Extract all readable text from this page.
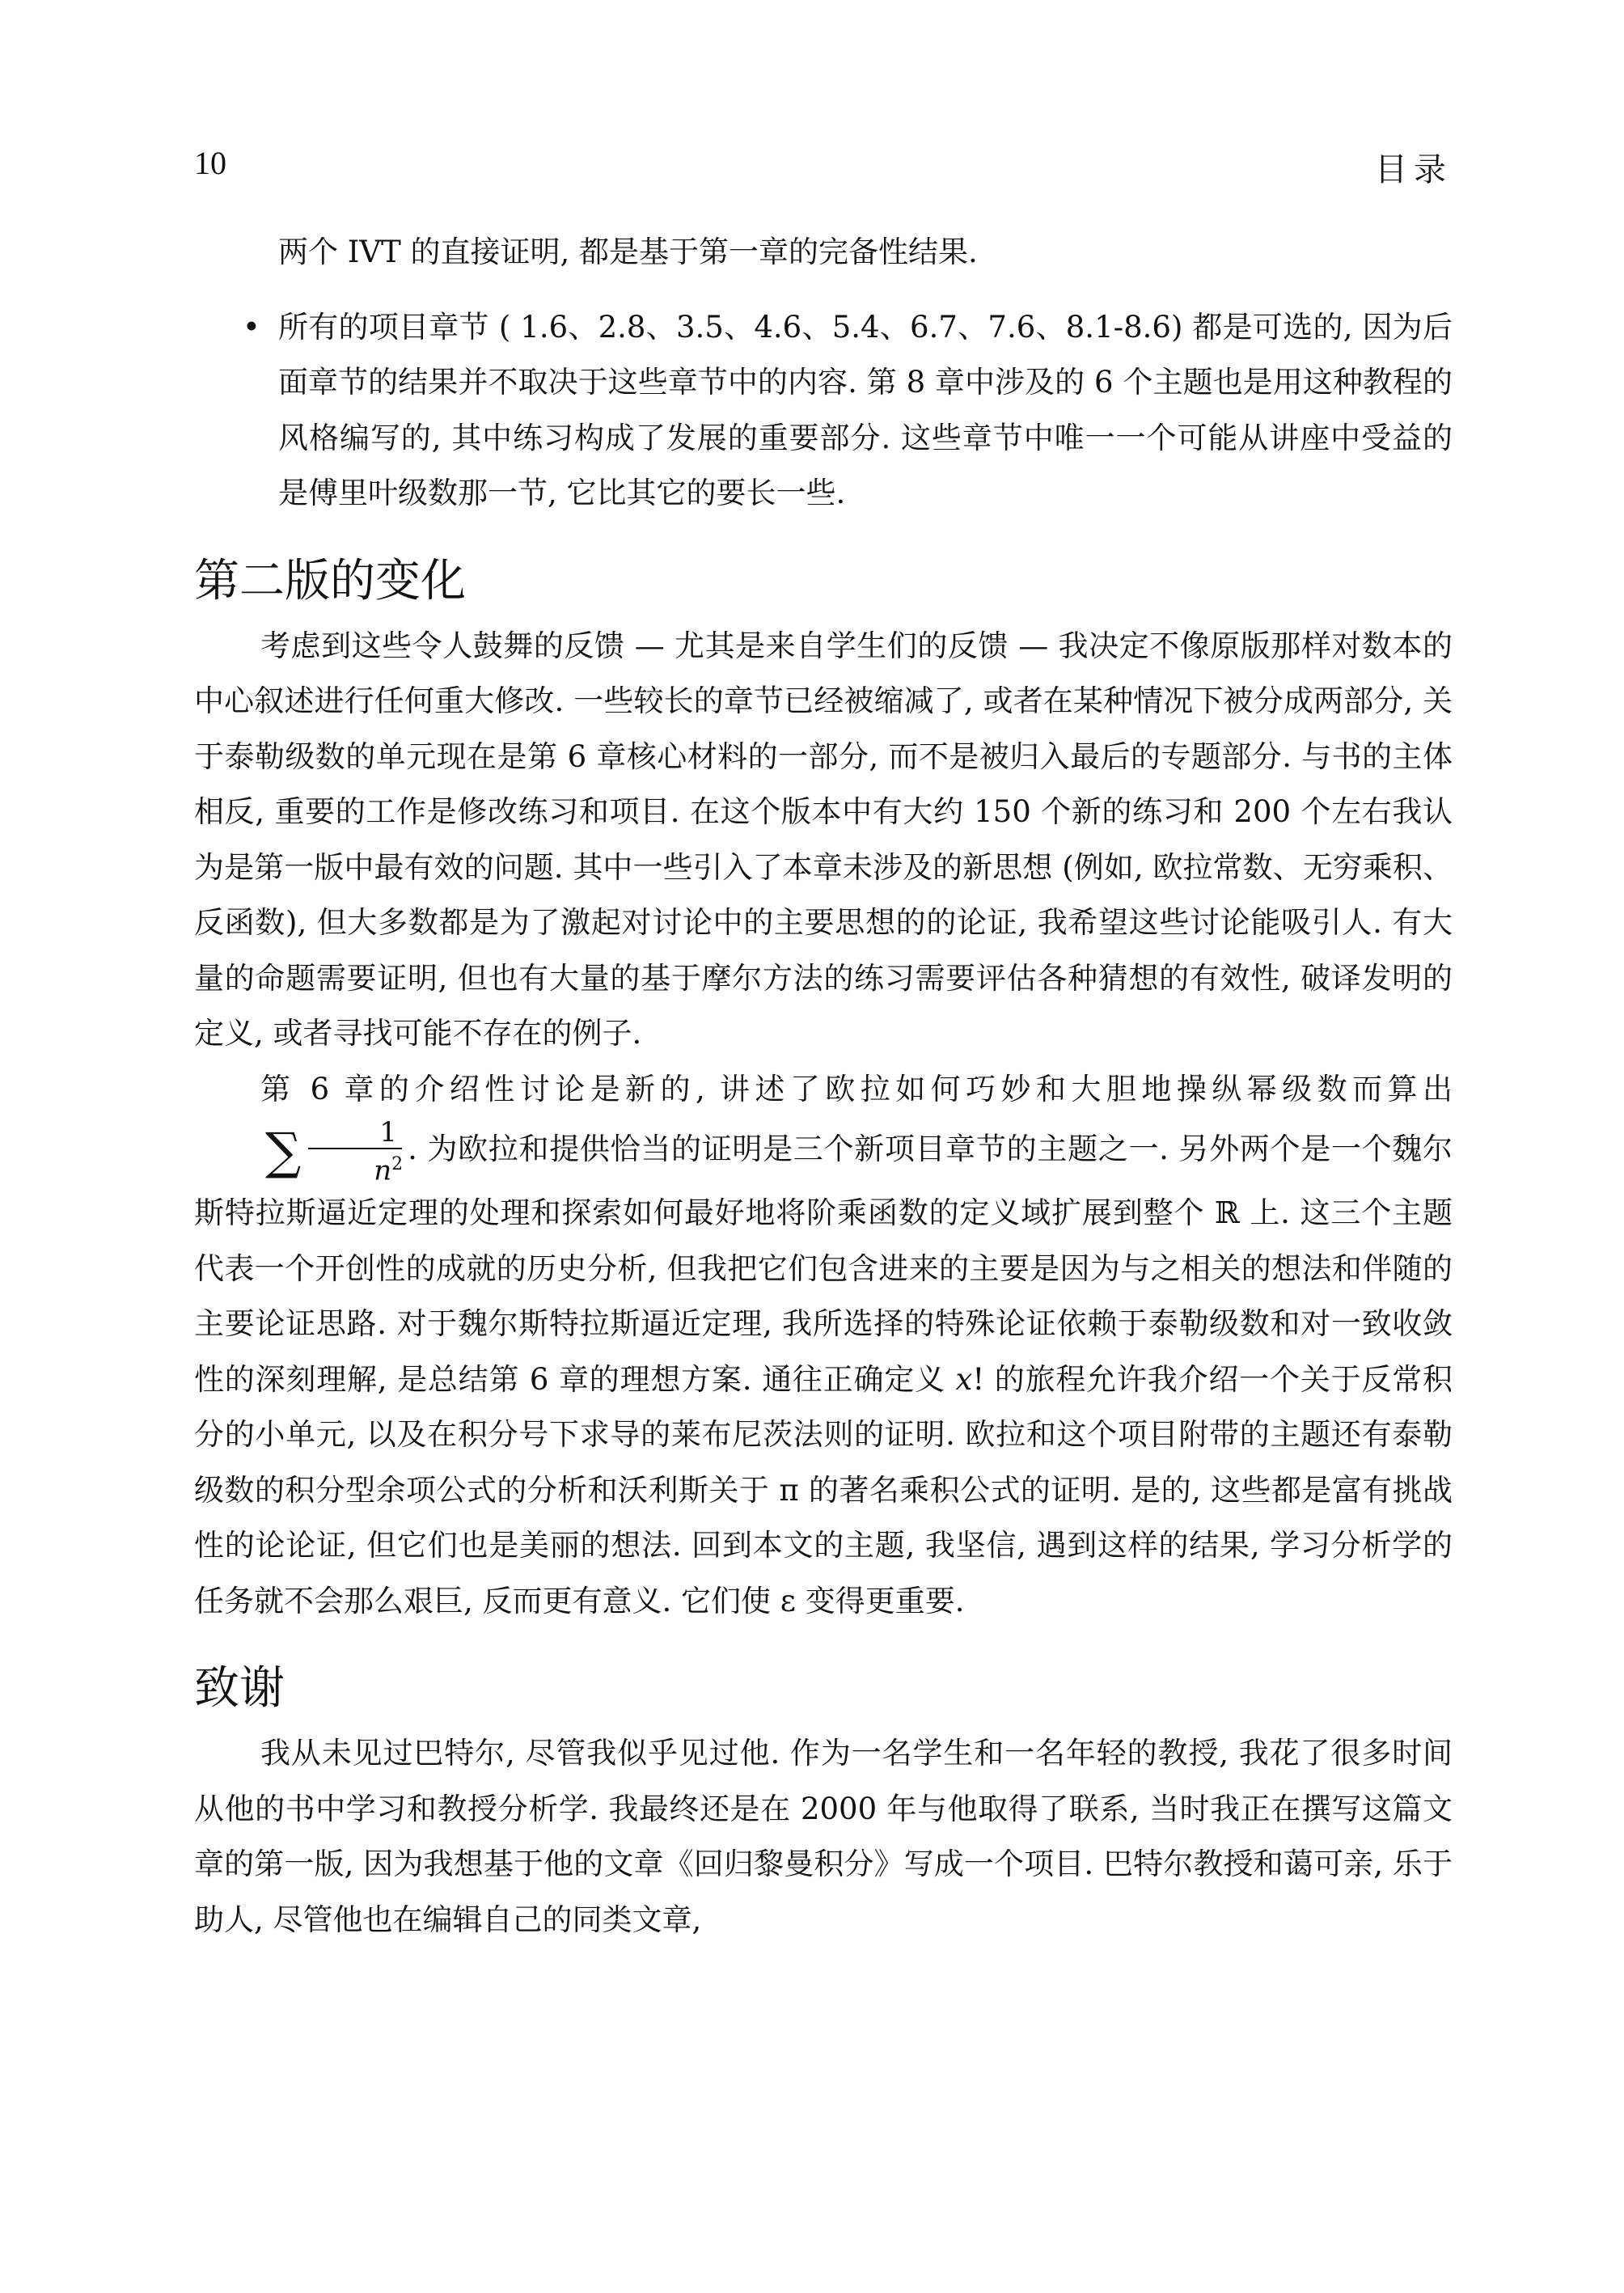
10	目录

两个 IVT 的直接证明, 都是基于第一章的完备性结果.

• 所有的项目章节 ( 1.6、2.8、3.5、4.6、5.4、6.7、7.6、8.1-8.6) 都是可选的, 因为后面章节的结果并不取决于这些章节中的内容. 第 8 章中涉及的 6 个主题也是用这种教程的风格编写的, 其中练习构成了发展的重要部分. 这些章节中唯一一个可能从讲座中受益的是傅里叶级数那一节, 它比其它的要长一些.
第二版的变化

考虑到这些令人鼓舞的反馈 — 尤其是来自学生们的反馈 — 我决定不像原版那样对数本的中心叙述进行任何重大修改. 一些较长的章节已经被缩减了, 或者在某种情况下被分成两部分, 关于泰勒级数的单元现在是第 6 章核心材料的一部分, 而不是被归入最后的专题部分. 与书的主体相反, 重要的工作是修改练习和项目. 在这个版本中有大约 150 个新的练习和 200 个左右我认为是第一版中最有效的问题. 其中一些引入了本章未涉及的新思想 (例如, 欧拉常数、无穷乘积、反函数), 但大多数都是为了激起对讨论中的主要思想的的论证, 我希望这些讨论能吸引人. 有大量的命题需要证明, 但也有大量的基于摩尔方法的练习需要评估各种猜想的有效性, 破译发明的定义, 或者寻找可能不存在的例子.

第 6 章的介绍性讨论是新的, 讲述了欧拉如何巧妙和大胆地操纵幂级数而算出∑ $\frac{1}{n^2}$ . 为欧拉和提供恰当的证明是三个新项目章节的主题之一. 另外两个是一个魏尔斯特拉斯逼近定理的处理和探索如何最好地将阶乘函数的定义域扩展到整个 ℝ 上. 这三个主题代表一个开创性的成就的历史分析, 但我把它们包含进来的主要是因为与之相关的想法和伴随的主要论证思路. 对于魏尔斯特拉斯逼近定理, 我所选择的特殊论证依赖于泰勒级数和对一致收敛性的深刻理解, 是总结第 6 章的理想方案. 通往正确定义 𝑥! 的旅程允许我介绍一个关于反常积分的小单元, 以及在积分号下求导的莱布尼茨法则的证明. 欧拉和这个项目附带的主题还有泰勒级数的积分型余项公式的分析和沃利斯关于 π 的著名乘积公式的证明. 是的, 这些都是富有挑战性的论论证, 但它们也是美丽的想法. 回到本文的主题, 我坚信, 遇到这样的结果, 学习分析学的任务就不会那么艰巨, 反而更有意义. 它们使 ε 变得更重要.

致谢

我从未见过巴特尔, 尽管我似乎见过他. 作为一名学生和一名年轻的教授, 我花了很多时间从他的书中学习和教授分析学. 我最终还是在 2000 年与他取得了联系, 当时我正在撰写这篇文章的第一版, 因为我想基于他的文章《回归黎曼积分》写成一个项目. 巴特尔教授和蔼可亲, 乐于助人, 尽管他也在编辑自己的同类文章,
